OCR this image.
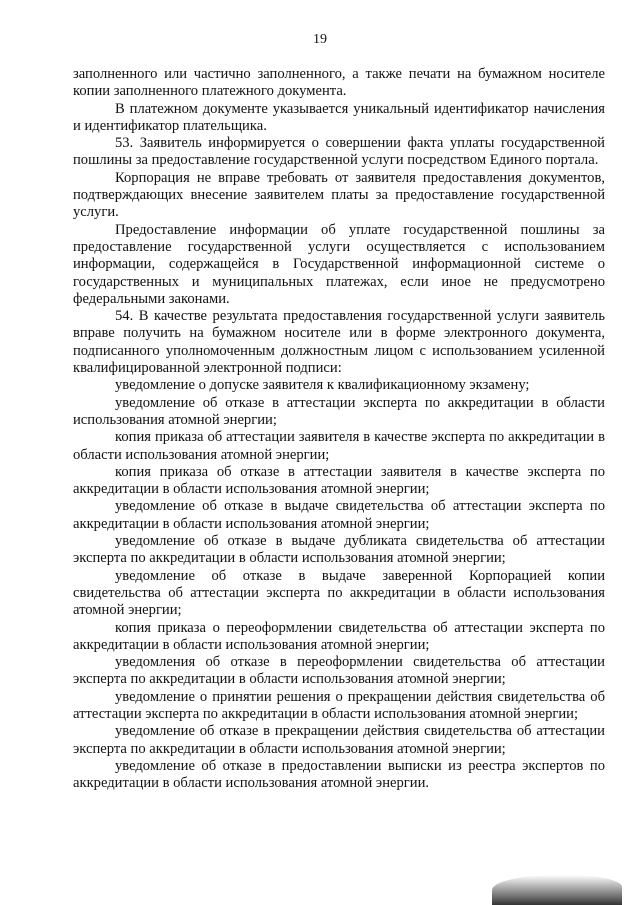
19

заполненного или частично заполненного, а также печати на бумажном носителе копии заполненного платежного документа.

В платежном документе указывается уникальный идентификатор начисления и идентификатор плательщика.

53. Заявитель информируется о совершении факта уплаты государственной пошлины за предоставление государственной услуги посредством Единого портала.

Корпорация не вправе требовать от заявителя предоставления документов, подтверждающих внесение заявителем платы за предоставление государственной услуги.

Предоставление информации об уплате государственной пошлины за предоставление государственной услуги осуществляется с использованием информации, содержащейся в Государственной информационной системе о государственных и муниципальных платежах, если иное не предусмотрено федеральными законами.

54. В качестве результата предоставления государственной услуги заявитель вправе получить на бумажном носителе или в форме электронного документа, подписанного уполномоченным должностным лицом с использованием усиленной квалифицированной электронной подписи:

уведомление о допуске заявителя к квалификационному экзамену;

уведомление об отказе в аттестации эксперта по аккредитации в области использования атомной энергии;

копия приказа об аттестации заявителя в качестве эксперта по аккредитации в области использования атомной энергии;

копия приказа об отказе в аттестации заявителя в качестве эксперта по аккредитации в области использования атомной энергии;

уведомление об отказе в выдаче свидетельства об аттестации эксперта по аккредитации в области использования атомной энергии;

уведомление об отказе в выдаче дубликата свидетельства об аттестации эксперта по аккредитации в области использования атомной энергии;

уведомление об отказе в выдаче заверенной Корпорацией копии свидетельства об аттестации эксперта по аккредитации в области использования атомной энергии;

копия приказа о переоформлении свидетельства об аттестации эксперта по аккредитации в области использования атомной энергии;

уведомления об отказе в переоформлении свидетельства об аттестации эксперта по аккредитации в области использования атомной энергии;

уведомление о принятии решения о прекращении действия свидетельства об аттестации эксперта по аккредитации в области использования атомной энергии;

уведомление об отказе в прекращении действия свидетельства об аттестации эксперта по аккредитации в области использования атомной энергии;

уведомление об отказе в предоставлении выписки из реестра экспертов по аккредитации в области использования атомной энергии.
